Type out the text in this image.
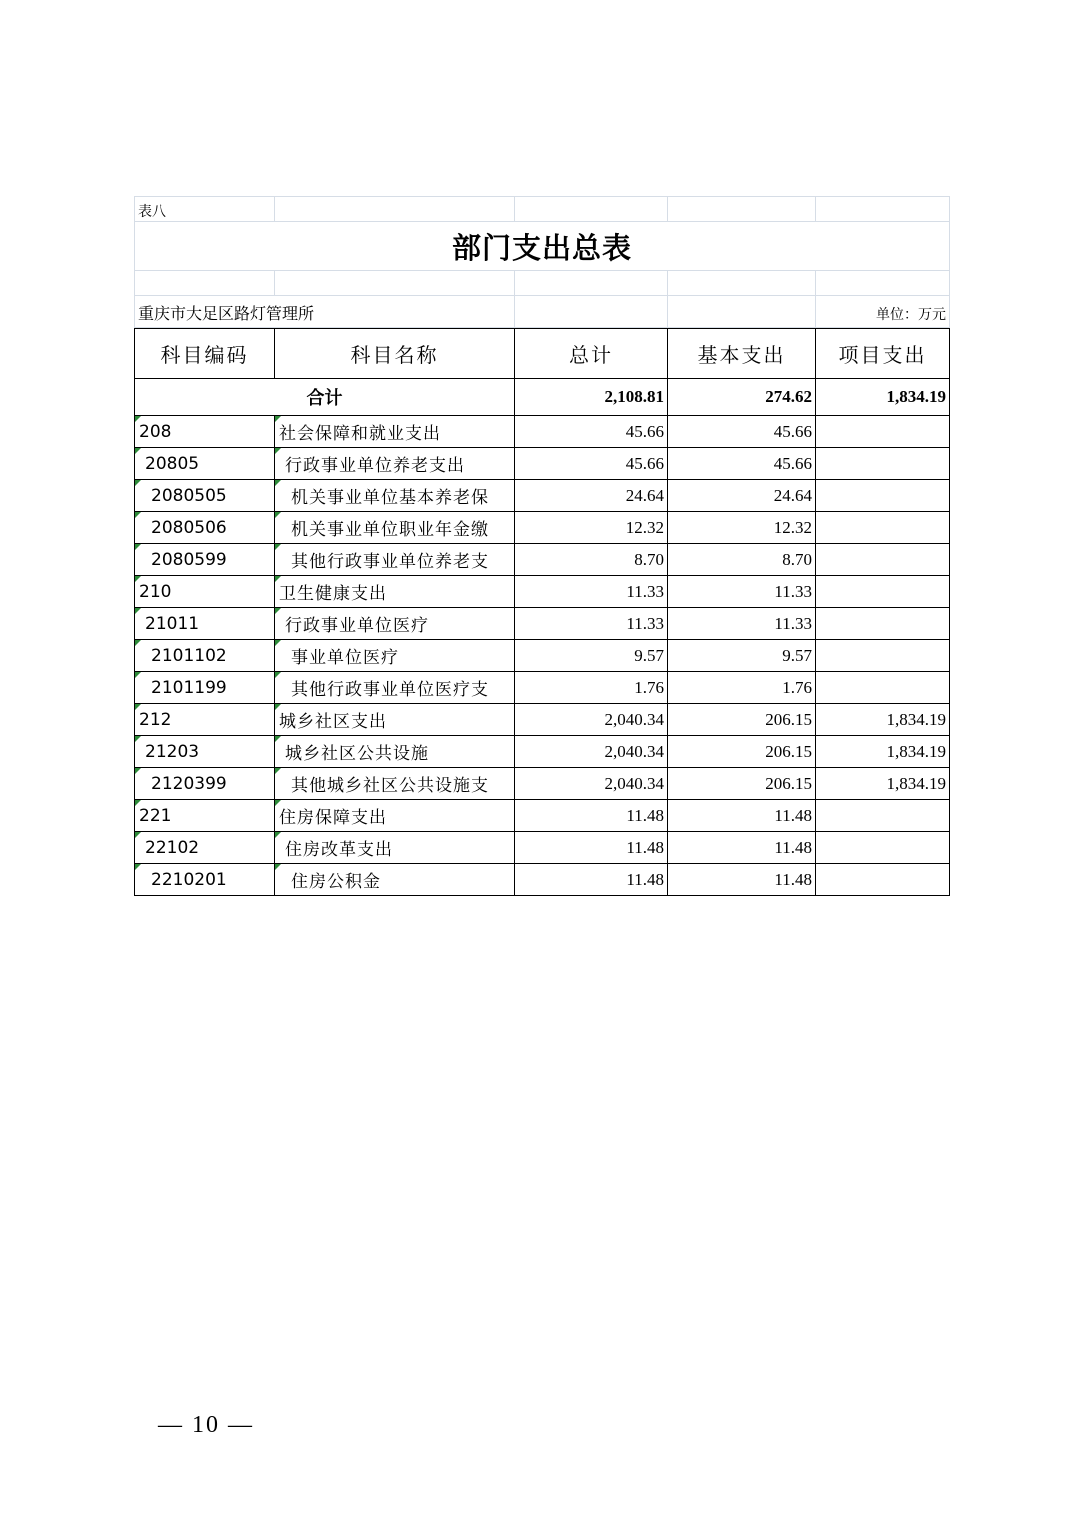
表八				
部门支出总表				

重庆市大足区路灯管理所				单位：万元
科目编码	科目名称	总计	基本支出	项目支出
合计		2,108.81	274.62	1,834.19
208	社会保障和就业支出	45.66	45.66	
20805	行政事业单位养老支出	45.66	45.66	
2080505	机关事业单位基本养老保	24.64	24.64	
2080506	机关事业单位职业年金缴	12.32	12.32	
2080599	其他行政事业单位养老支	8.70	8.70	
210	卫生健康支出	11.33	11.33	
21011	行政事业单位医疗	11.33	11.33	
2101102	事业单位医疗	9.57	9.57	
2101199	其他行政事业单位医疗支	1.76	1.76	
212	城乡社区支出	2,040.34	206.15	1,834.19
21203	城乡社区公共设施	2,040.34	206.15	1,834.19
2120399	其他城乡社区公共设施支	2,040.34	206.15	1,834.19
221	住房保障支出	11.48	11.48	
22102	住房改革支出	11.48	11.48	
2210201	住房公积金	11.48	11.48	
— 10 —
